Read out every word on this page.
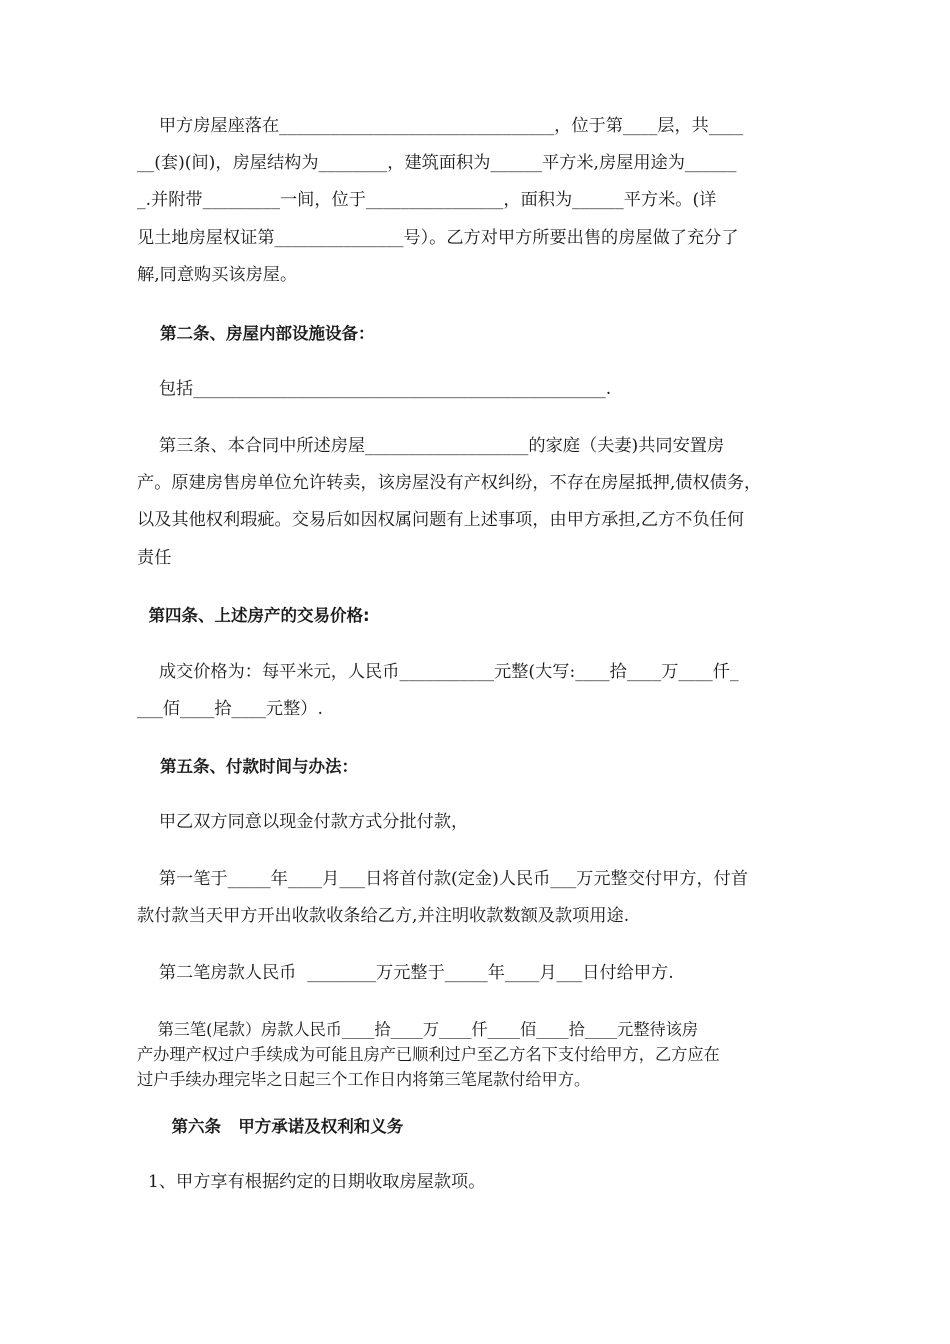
甲方房屋座落在________________________________，位于第____层，共____
__(套)(间)，房屋结构为________，建筑面积为______平方米,房屋用途为______
_.并附带_________一间，位于________________，面积为______平方米。(详
见土地房屋权证第_______________号）。乙方对甲方所要出售的房屋做了充分了
解,同意购买该房屋。
第二条、房屋内部设施设备：
包括________________________________________________.
第三条、本合同中所述房屋___________________的家庭（夫妻)共同安置房
产。原建房售房单位允许转卖，该房屋没有产权纠纷，不存在房屋抵押,债权债务，
以及其他权利瑕疵。交易后如因权属问题有上述事项，由甲方承担,乙方不负任何
责任
第四条、上述房产的交易价格:
成交价格为：每平米元，人民币___________元整(大写:____拾____万____仟_
___佰____拾____元整）.
第五条、付款时间与办法：
甲乙双方同意以现金付款方式分批付款，
第一笔于_____年____月___日将首付款(定金)人民币___万元整交付甲方，付首
款付款当天甲方开出收款收条给乙方,并注明收款数额及款项用途.
第二笔房款人民币  ________万元整于_____年____月___日付给甲方.
第三笔(尾款）房款人民币____拾____万____仟____佰____拾____元整待该房
产办理产权过户手续成为可能且房产已顺利过户至乙方名下支付给甲方，乙方应在
过户手续办理完毕之日起三个工作日内将第三笔尾款付给甲方。
第六条   甲方承诺及权利和义务
1、甲方享有根据约定的日期收取房屋款项。
